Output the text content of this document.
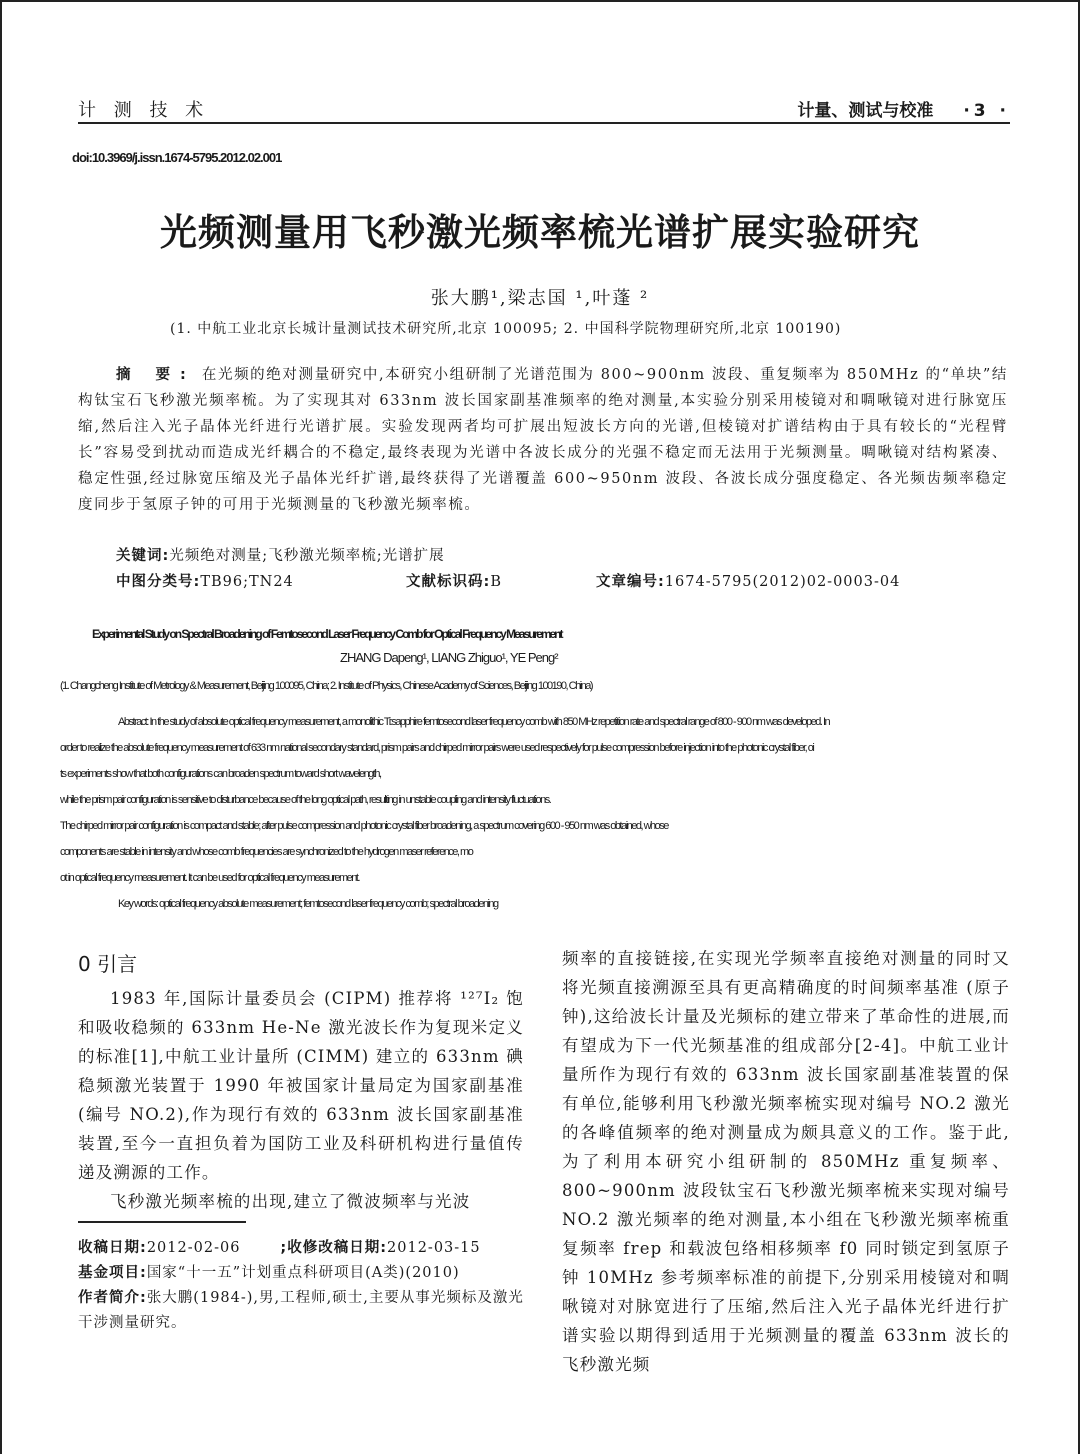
计 测 技 术	计量、测试与校准 ·3 ·
doi:10.3969/j.issn.1674-5795.2012.02.001
光频测量用飞秒激光频率梳光谱扩展实验研究
张大鹏¹,梁志国 ¹,叶蓬 ²
(1. 中航工业北京长城计量测试技术研究所,北京 100095; 2. 中国科学院物理研究所,北京 100190)
摘 要: 在光频的绝对测量研究中,本研究小组研制了光谱范围为 800~900nm 波段、重复频率为 850MHz 的“单块”结构钛宝石飞秒激光频率梳。为了实现其对 633nm 波长国家副基准频率的绝对测量,本实验分别采用棱镜对和啁啾镜对进行脉宽压缩,然后注入光子晶体光纤进行光谱扩展。实验发现两者均可扩展出短波长方向的光谱,但棱镜对扩谱结构由于具有较长的“光程臂长”容易受到扰动而造成光纤耦合的不稳定,最终表现为光谱中各波长成分的光强不稳定而无法用于光频测量。啁啾镜对结构紧凑、稳定性强,经过脉宽压缩及光子晶体光纤扩谱,最终获得了光谱覆盖 600~950nm 波段、各波长成分强度稳定、各光频齿频率稳定度同步于氢原子钟的可用于光频测量的飞秒激光频率梳。
关键词:光频绝对测量;飞秒激光频率梳;光谱扩展
中图分类号:TB96;TN24	文献标识码:B	文章编号:1674-5795(2012)02-0003-04
Experimental Study on Spectral Broadening of Femtosecond Laser Frequency Comb for Optical Frequency Measurement
ZHANG Dapeng¹, LIANG Zhiguo¹, YE Peng²
(1. Changcheng Institute of Metrology & Measurement, Beijing 100095, China; 2. Institute of Physics, Chinese Academy of Sciences, Beijing 100190, China)
Abstract: In the study of absolute optical frequency measurement, a monolithic Ti:sapphire femtosecond laser frequency comb with 850 MHz repetition rate and spectral range of 800 - 900 nm was developed. In
order to realize the absolute frequency measurement of 633 nm national secondary standard, prism pairs and chirped mirror pairs were used respectively for pulse compression before injection into the photonic crystal fiber, oi
ts experiments show that both configurations can broaden spectrum toward short wavelength,
while the prism pair configuration is sensitive to disturbance because of the long optical path, resulting in unstable coupling and intensity fluctuations.
The chirped mirror pair configuration is compact and stable; after pulse compression and photonic crystal fiber broadening, a spectrum covering 600 - 950 nm was obtained, whose
components are stable in intensity and whose comb frequencies are synchronized to the hydrogen maser reference, mo
ot in optical frequency measurement. It can be used for optical frequency measurement.
Key words: optical frequency absolute measurement; femtosecond laser frequency comb; spectral broadening
0 引言
1983 年,国际计量委员会 (CIPM) 推荐将 ¹²⁷I₂ 饱和吸收稳频的 633nm He-Ne 激光波长作为复现米定义的标准[1],中航工业计量所 (CIMM) 建立的 633nm 碘稳频激光装置于 1990 年被国家计量局定为国家副基准 (编号 NO.2),作为现行有效的 633nm 波长国家副基准装置,至今一直担负着为国防工业及科研机构进行量值传递及溯源的工作。
飞秒激光频率梳的出现,建立了微波频率与光波
频率的直接链接,在实现光学频率直接绝对测量的同时又将光频直接溯源至具有更高精确度的时间频率基准 (原子钟),这给波长计量及光频标的建立带来了革命性的进展,而有望成为下一代光频基准的组成部分[2-4]。中航工业计量所作为现行有效的 633nm 波长国家副基准装置的保有单位,能够利用飞秒激光频率梳实现对编号 NO.2 激光的各峰值频率的绝对测量成为颇具意义的工作。鉴于此,为了利用本研究小组研制的 850MHz 重复频率、800~900nm 波段钛宝石飞秒激光频率梳来实现对编号 NO.2 激光频率的绝对测量,本小组在飞秒激光频率梳重复频率 frep 和载波包络相移频率 f0 同时锁定到氢原子钟 10MHz 参考频率标准的前提下,分别采用棱镜对和啁啾镜对对脉宽进行了压缩,然后注入光子晶体光纤进行扩谱实验以期得到适用于光频测量的覆盖 633nm 波长的飞秒激光频
收稿日期:2012-02-06	;收修改稿日期:2012-03-15
基金项目:国家“十一五”计划重点科研项目(A类)(2010)
作者简介:张大鹏(1984-),男,工程师,硕士,主要从事光频标及激光干涉测量研究。
